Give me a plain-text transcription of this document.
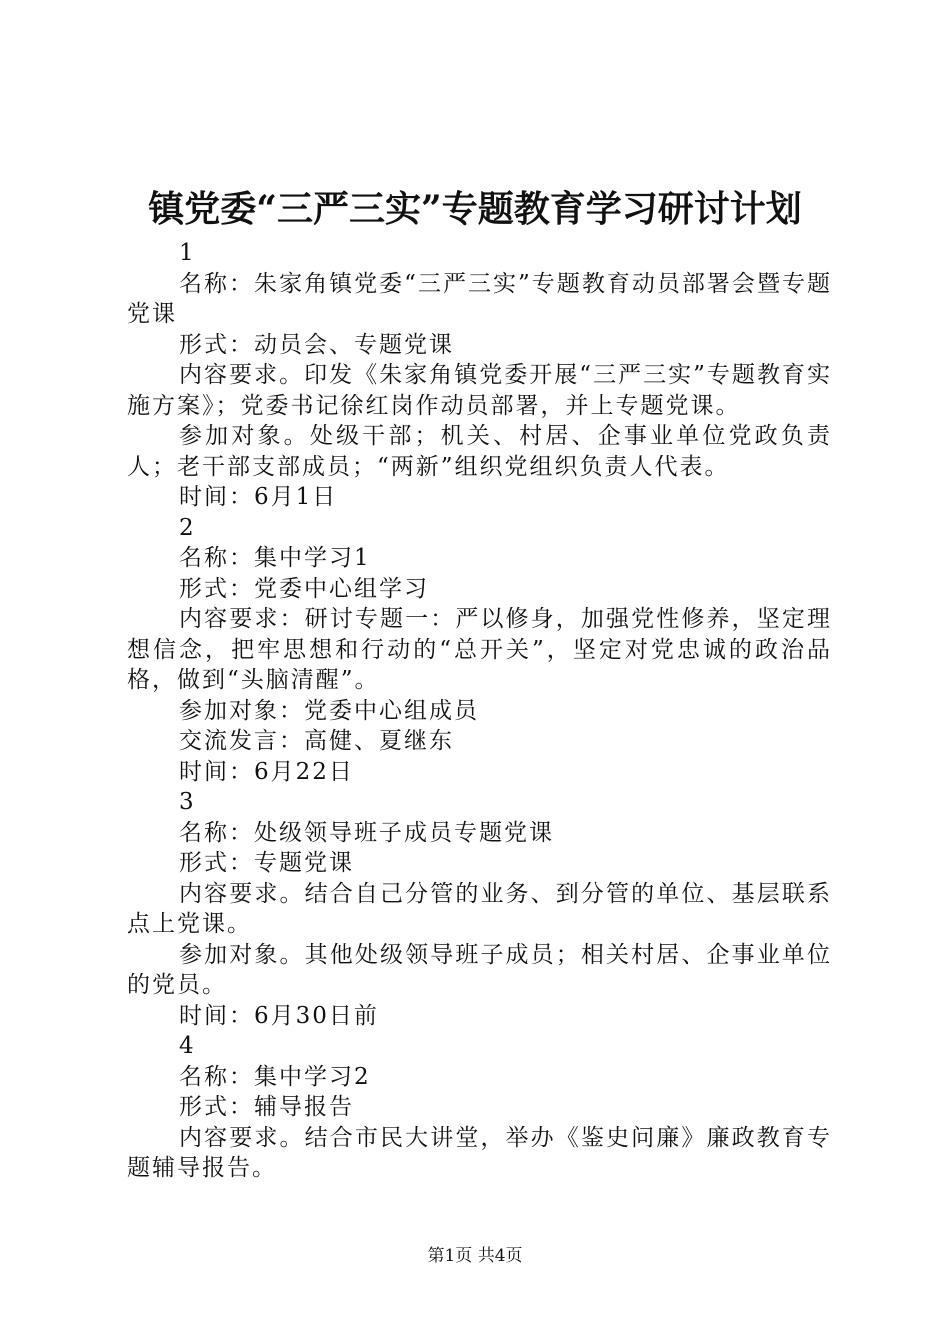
镇党委“三严三实”专题教育学习研讨计划
1
名称：朱家角镇党委“三严三实”专题教育动员部署会暨专题党课
形式：动员会、专题党课
内容要求。印发《朱家角镇党委开展“三严三实”专题教育实施方案》；党委书记徐红岗作动员部署，并上专题党课。
参加对象。处级干部；机关、村居、企事业单位党政负责人；老干部支部成员；“两新”组织党组织负责人代表。
时间：6月1日
2
名称：集中学习1
形式：党委中心组学习
内容要求：研讨专题一：严以修身，加强党性修养，坚定理想信念，把牢思想和行动的“总开关”，坚定对党忠诚的政治品格，做到“头脑清醒”。
参加对象：党委中心组成员
交流发言：高健、夏继东
时间：6月22日
3
名称：处级领导班子成员专题党课
形式：专题党课
内容要求。结合自己分管的业务、到分管的单位、基层联系点上党课。
参加对象。其他处级领导班子成员；相关村居、企事业单位的党员。
时间：6月30日前
4
名称：集中学习2
形式：辅导报告
内容要求。结合市民大讲堂，举办《鉴史问廉》廉政教育专题辅导报告。
第1页 共4页
